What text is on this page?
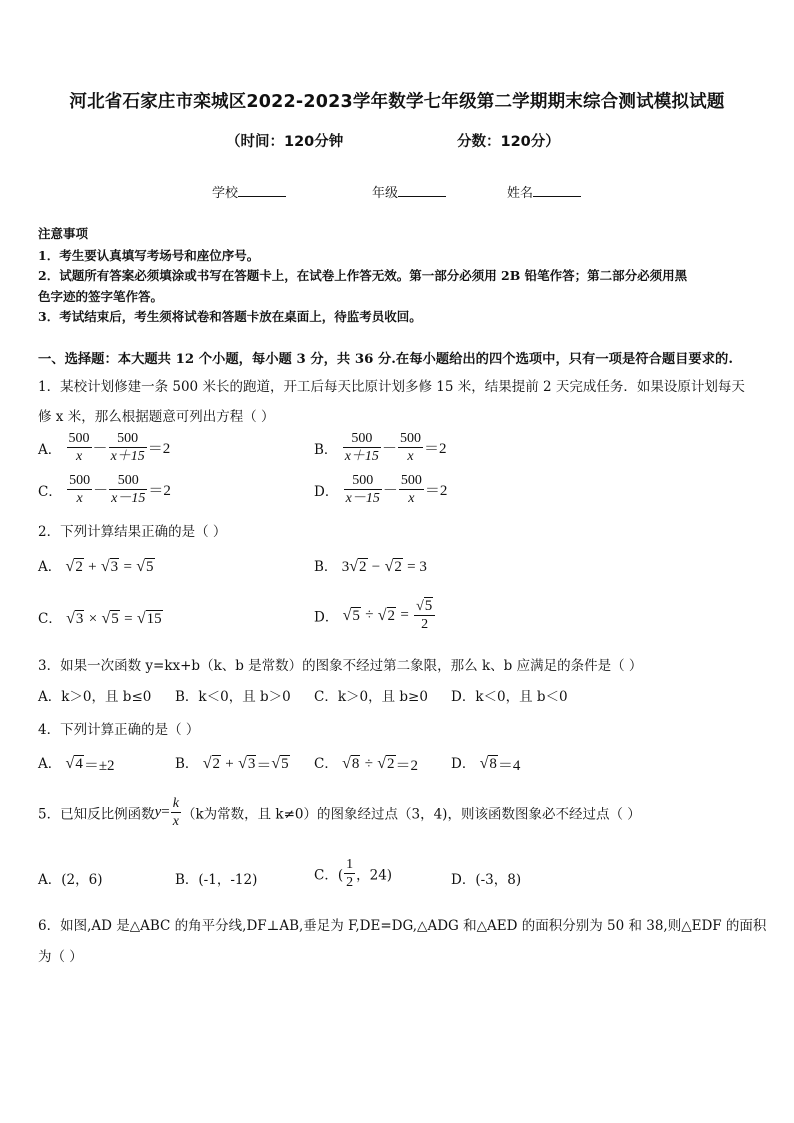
河北省石家庄市栾城区2022-2023学年数学七年级第二学期期末综合测试模拟试题
（时间：120分钟	分数：120分）
学校	年级	姓名
注意事项
1．考生要认真填写考场号和座位序号。
2．试题所有答案必须填涂或书写在答题卡上，在试卷上作答无效。第一部分必须用 2B 铅笔作答；第二部分必须用黑
色字迹的签字笔作答。
3．考试结束后，考生须将试卷和答题卡放在桌面上，待监考员收回。
一、选择题：本大题共 12 个小题，每小题 3 分，共 36 分.在每小题给出的四个选项中，只有一项是符合题目要求的.
1．某校计划修建一条 500 米长的跑道，开工后每天比原计划多修 15 米，结果提前 2 天完成任务．如果设原计划每天
修 x 米，那么根据题意可列出方程（ ）
A． $\frac{500}{x} - \frac{500}{x+15} =2$	B． $\frac{500}{x+15} - \frac{500}{x} =2$
C． $\frac{500}{x} - \frac{500}{x-15} =2$	D． $\frac{500}{x-15} - \frac{500}{x} =2$
2．下列计算结果正确的是（ ）
A． √2 + √3 = √5	B． 3√2 − √2 = 3
C． √3 × √5 = √15	D． $√5 \div √2 = \frac{√5}{2}$
3．如果一次函数 y=kx+b（k、b 是常数）的图象不经过第二象限，那么 k、b 应满足的条件是（ ）
A．k＞0，且 b≤0 B．k＜0，且 b＞0 C．k＞0，且 b≥0 D．k＜0，且 b＜0
4．下列计算正确的是（ ）
A． √4＝±2	B． √2 + √3＝√5 C． √8 ÷ √2＝2 D． √8＝4
5．已知反比例函数$y= \frac{k}{x} (k$为常数，且 k≠0）的图象经过点（3，4)，则该函数图象必不经过点（ ）
A．(2，6)	B．(-1，-12)	C．( $\frac{1}{2}$ ，24)	D．(-3，8)
6．如图,AD 是△ABC 的角平分线,DF⊥AB,垂足为 F,DE=DG,△ADG 和△AED 的面积分别为 50 和 38,则△EDF 的面积
为（ ）
